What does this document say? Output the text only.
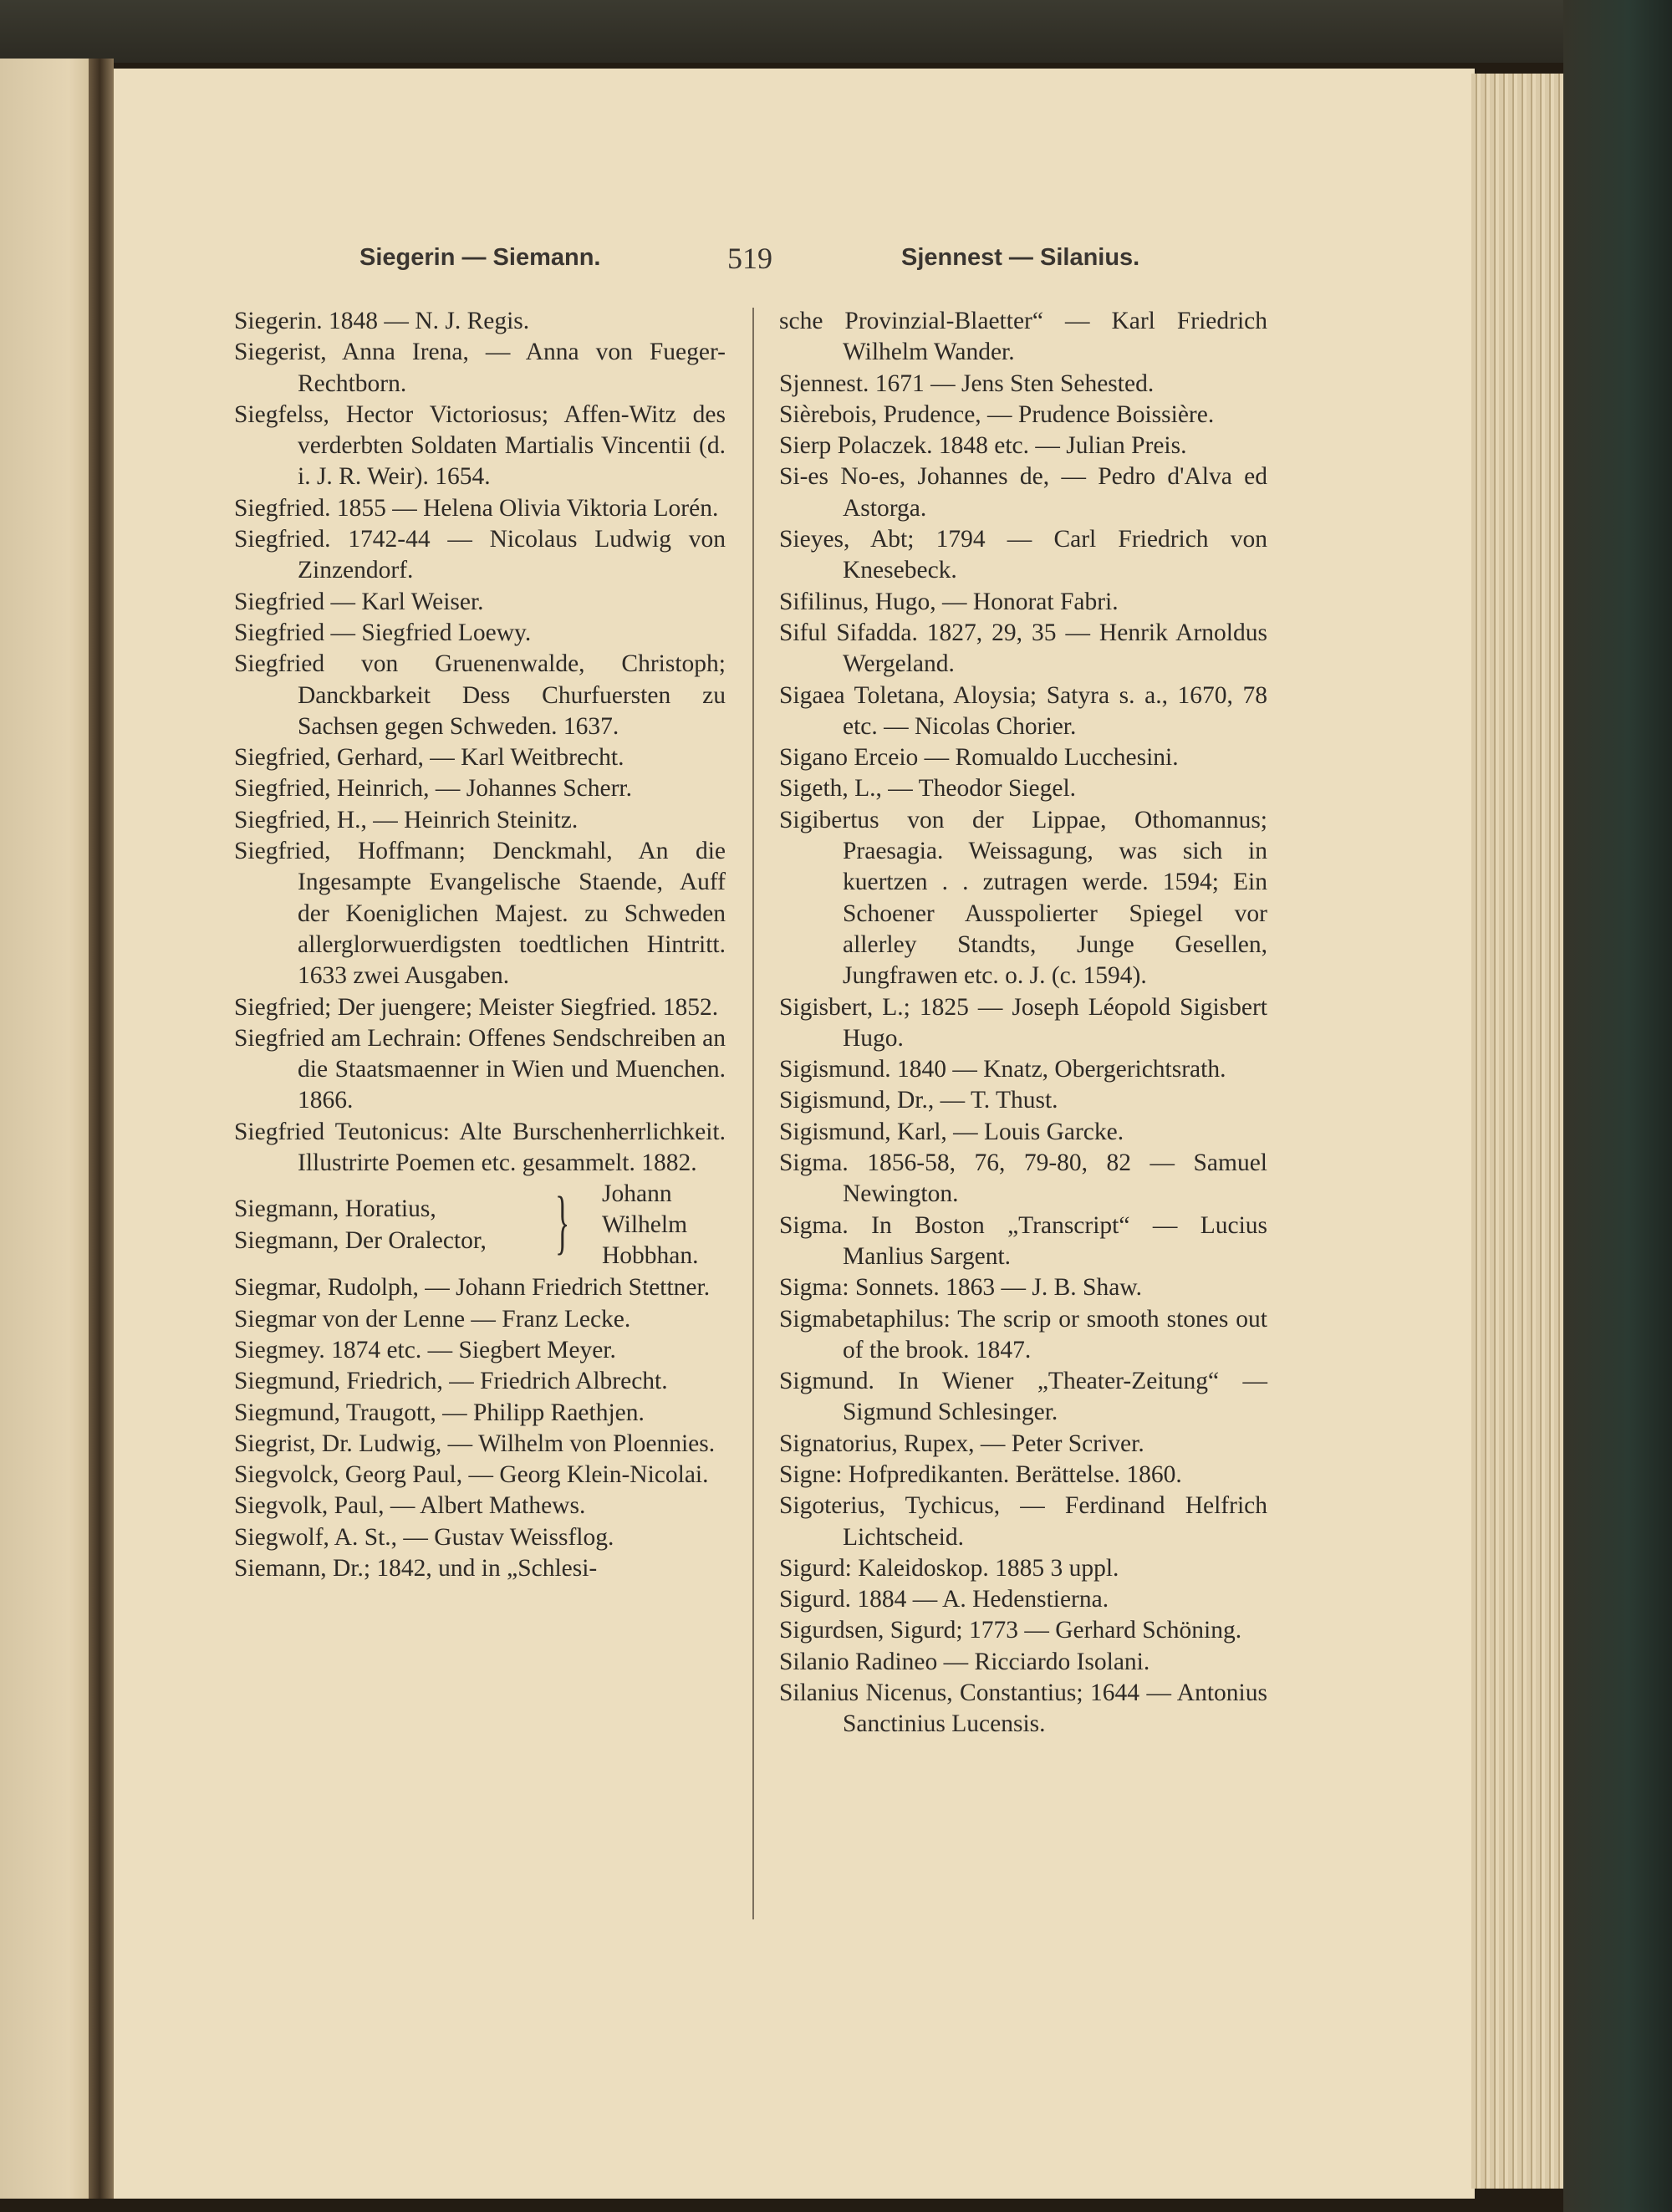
Siegerin — Siemann.	519	Sjennest — Silanius.
Siegerin. 1848 — N. J. Regis.
Siegerist, Anna Irena, — Anna von Fueger-Rechtborn.
Siegfelss, Hector Victoriosus; Affen-Witz des verderbten Soldaten Martialis Vincentii (d. i. J. R. Weir). 1654.
Siegfried. 1855 — Helena Olivia Viktoria Lorén.
Siegfried. 1742-44 — Nicolaus Ludwig von Zinzendorf.
Siegfried — Karl Weiser.
Siegfried — Siegfried Loewy.
Siegfried von Gruenenwalde, Christoph; Danckbarkeit Dess Churfuersten zu Sachsen gegen Schweden. 1637.
Siegfried, Gerhard, — Karl Weitbrecht.
Siegfried, Heinrich, — Johannes Scherr.
Siegfried, H., — Heinrich Steinitz.
Siegfried, Hoffmann; Denckmahl, An die Ingesampte Evangelische Staende, Auff der Koeniglichen Majest. zu Schweden allerglorwuerdigsten toedtlichen Hintritt. 1633 zwei Ausgaben.
Siegfried; Der juengere; Meister Siegfried. 1852.
Siegfried am Lechrain: Offenes Sendschreiben an die Staatsmaenner in Wien und Muenchen. 1866.
Siegfried Teutonicus: Alte Burschenherrlichkeit. Illustrirte Poemen etc. gesammelt. 1882.
Siegmann, Horatius,
Siegmann, Der Oralector, } Johann
Wilhelm
Hobbhan.
Siegmar, Rudolph, — Johann Friedrich Stettner.
Siegmar von der Lenne — Franz Lecke.
Siegmey. 1874 etc. — Siegbert Meyer.
Siegmund, Friedrich, — Friedrich Albrecht.
Siegmund, Traugott, — Philipp Raethjen.
Siegrist, Dr. Ludwig, — Wilhelm von Ploennies.
Siegvolck, Georg Paul, — Georg Klein-Nicolai.
Siegvolk, Paul, — Albert Mathews.
Siegwolf, A. St., — Gustav Weissflog.
Siemann, Dr.; 1842, und in „Schlesi-
sche Provinzial-Blaetter“ — Karl Friedrich Wilhelm Wander.
Sjennest. 1671 — Jens Sten Sehested.
Sièrebois, Prudence, — Prudence Boissière.
Sierp Polaczek. 1848 etc. — Julian Preis.
Si-es No-es, Johannes de, — Pedro d'Alva ed Astorga.
Sieyes, Abt; 1794 — Carl Friedrich von Knesebeck.
Sifilinus, Hugo, — Honorat Fabri.
Siful Sifadda. 1827, 29, 35 — Henrik Arnoldus Wergeland.
Sigaea Toletana, Aloysia; Satyra s. a., 1670, 78 etc. — Nicolas Chorier.
Sigano Erceio — Romualdo Lucchesini.
Sigeth, L., — Theodor Siegel.
Sigibertus von der Lippae, Othomannus; Praesagia. Weissagung, was sich in kuertzen . . zutragen werde. 1594; Ein Schoener Ausspolierter Spiegel vor allerley Standts, Junge Gesellen, Jungfrawen etc. o. J. (c. 1594).
Sigisbert, L.; 1825 — Joseph Léopold Sigisbert Hugo.
Sigismund. 1840 — Knatz, Obergerichtsrath.
Sigismund, Dr., — T. Thust.
Sigismund, Karl, — Louis Garcke.
Sigma. 1856-58, 76, 79-80, 82 — Samuel Newington.
Sigma. In Boston „Transcript“ — Lucius Manlius Sargent.
Sigma: Sonnets. 1863 — J. B. Shaw.
Sigmabetaphilus: The scrip or smooth stones out of the brook. 1847.
Sigmund. In Wiener „Theater-Zeitung“ — Sigmund Schlesinger.
Signatorius, Rupex, — Peter Scriver.
Signe: Hofpredikanten. Berättelse. 1860.
Sigoterius, Tychicus, — Ferdinand Helfrich Lichtscheid.
Sigurd: Kaleidoskop. 1885 3 uppl.
Sigurd. 1884 — A. Hedenstierna.
Sigurdsen, Sigurd; 1773 — Gerhard Schöning.
Silanio Radineo — Ricciardo Isolani.
Silanius Nicenus, Constantius; 1644 — Antonius Sanctinius Lucensis.
